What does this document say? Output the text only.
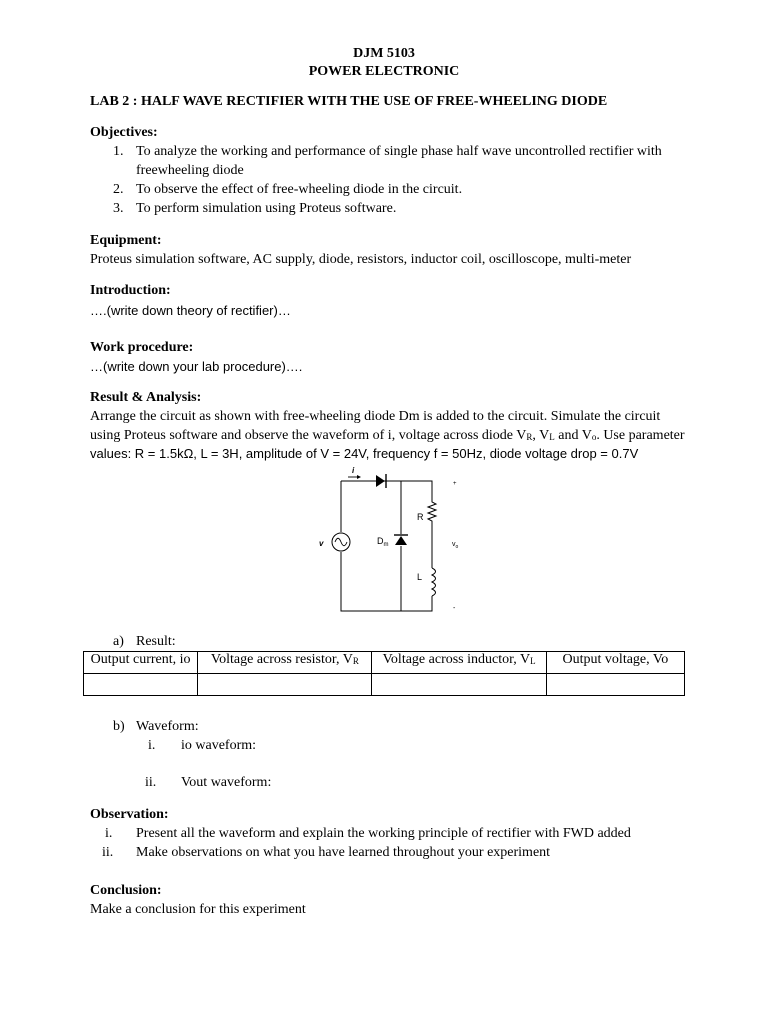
DJM 5103
POWER ELECTRONIC
LAB 2 : HALF WAVE RECTIFIER WITH THE USE OF FREE-WHEELING DIODE
Objectives:
1. To analyze the working and performance of single phase half wave uncontrolled rectifier with
freewheeling diode
2. To observe the effect of free-wheeling diode in the circuit.
3. To perform simulation using Proteus software.
Equipment:
Proteus simulation software, AC supply, diode, resistors, inductor coil, oscilloscope, multi-meter
Introduction:
….(write down theory of rectifier)…
Work procedure:
…(write down your lab procedure)….
Result & Analysis:
Arrange the circuit as shown with free-wheeling diode Dm is added to the circuit. Simulate the circuit
using Proteus software and observe the waveform of i, voltage across diode $V_R$, $V_L$ and $V_o$. Use parameter
values: R = 1.5kΩ, L = 3H, amplitude of V = 24V, frequency f = 50Hz, diode voltage drop = 0.7V
i
v	$D_m$
R
L
$v_o$
+
-
a) Result:
Output current, io	Voltage across resistor, $V_R$	Voltage across inductor, $V_L$	Output voltage, Vo

b) Waveform:
i. io waveform:
ii. Vout waveform:
Observation:
i. Present all the waveform and explain the working principle of rectifier with FWD added
ii. Make observations on what you have learned throughout your experiment
Conclusion:
Make a conclusion for this experiment
